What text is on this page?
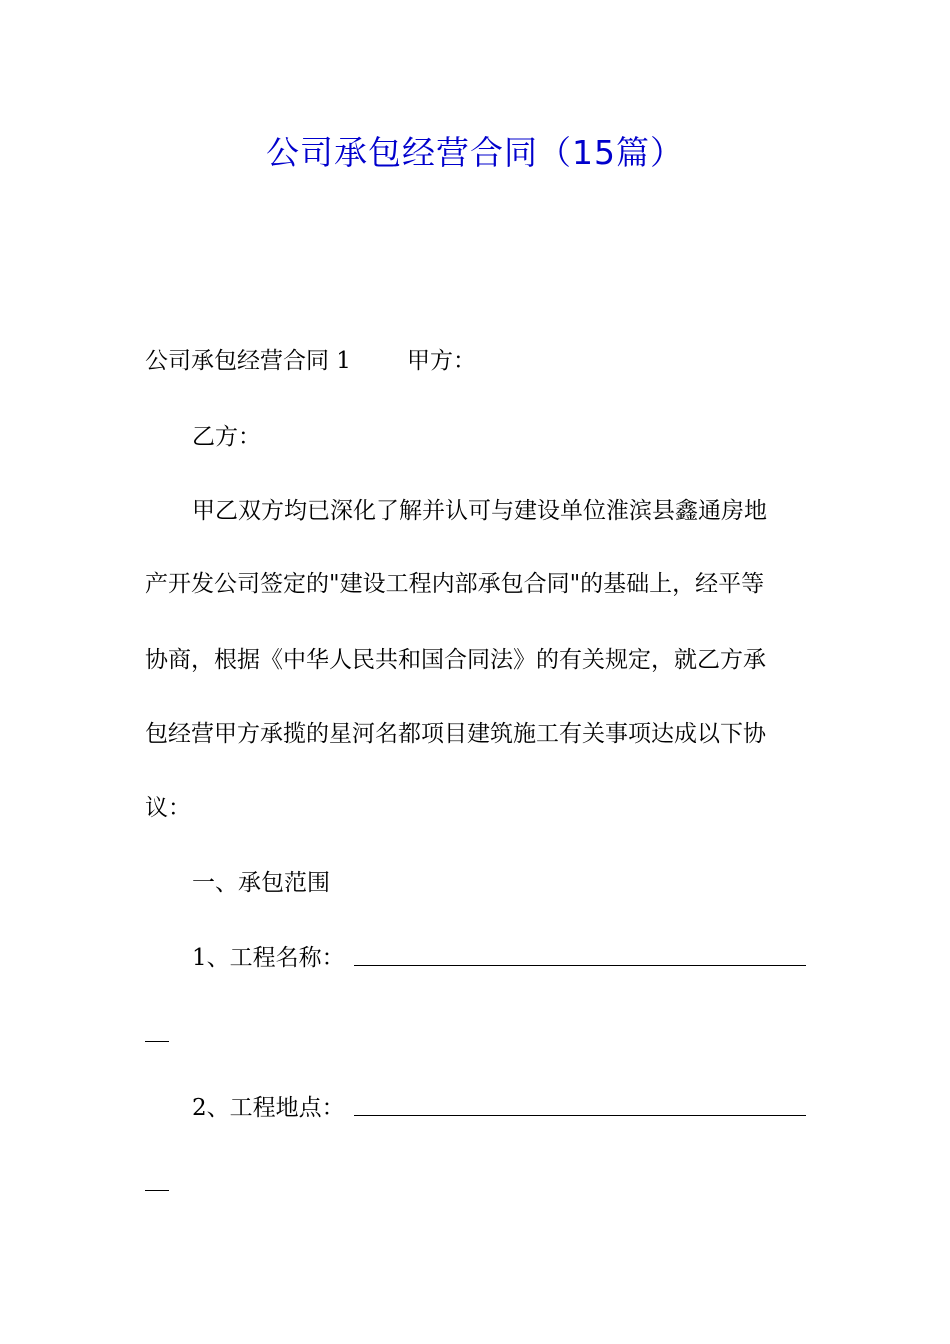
公司承包经营合同（15篇）
公司承包经营合同 1 甲方：
乙方：
甲乙双方均已深化了解并认可与建设单位淮滨县鑫通房地
产开发公司签定的"建设工程内部承包合同"的基础上，经平等
协商，根据《中华人民共和国合同法》的有关规定，就乙方承
包经营甲方承揽的星河名都项目建筑施工有关事项达成以下协
议：
一、承包范围
1、工程名称：
2、工程地点：
